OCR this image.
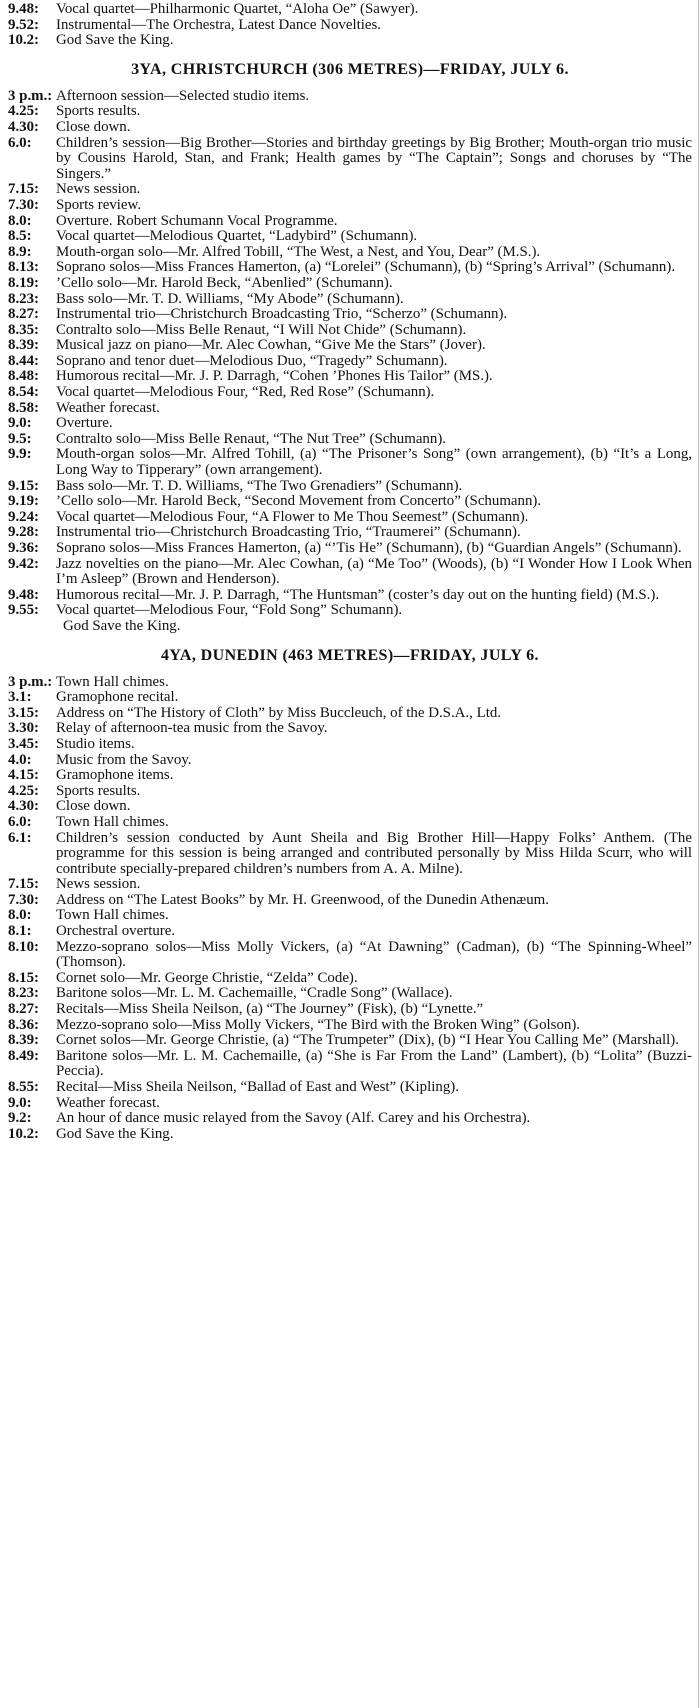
9.48:	Vocal quartet—Philharmonic Quartet, “Aloha Oe” (Sawyer).
9.52:	Instrumental—The Orchestra, Latest Dance Novelties.
10.2:	God Save the King.
3YA, CHRISTCHURCH (306 METRES)—FRIDAY, JULY 6.
3 p.m.: Afternoon session—Selected studio items.
4.25:	Sports results.
4.30:	Close down.
6.0:	Children’s session—Big Brother—Stories and birthday greetings by Big Brother; Mouth-organ trio music by Cousins Harold, Stan, and Frank; Health games by “The Captain”; Songs and choruses by “The Singers.”
7.15:	News session.
7.30:	Sports review.
8.0:	Overture. Robert Schumann Vocal Programme.
8.5:	Vocal quartet—Melodious Quartet, “Ladybird” (Schumann).
8.9:	Mouth-organ solo—Mr. Alfred Tobill, “The West, a Nest, and You, Dear” (M.S.).
8.13:	Soprano solos—Miss Frances Hamerton, (a) “Lorelei” (Schumann), (b) “Spring’s Arrival” (Schumann).
8.19:	’Cello solo—Mr. Harold Beck, “Abenlied” (Schumann).
8.23:	Bass solo—Mr. T. D. Williams, “My Abode” (Schumann).
8.27:	Instrumental trio—Christchurch Broadcasting Trio, “Scherzo” (Schumann).
8.35:	Contralto solo—Miss Belle Renaut, “I Will Not Chide” (Schumann).
8.39:	Musical jazz on piano—Mr. Alec Cowhan, “Give Me the Stars” (Jover).
8.44:	Soprano and tenor duet—Melodious Duo, “Tragedy” Schumann).
8.48:	Humorous recital—Mr. J. P. Darragh, “Cohen ’Phones His Tailor” (MS.).
8.54:	Vocal quartet—Melodious Four, “Red, Red Rose” (Schumann).
8.58:	Weather forecast.
9.0:	Overture.
9.5:	Contralto solo—Miss Belle Renaut, “The Nut Tree” (Schumann).
9.9:	Mouth-organ solos—Mr. Alfred Tohill, (a) “The Prisoner’s Song” (own arrangement), (b) “It’s a Long, Long Way to Tipperary” (own arrangement).
9.15:	Bass solo—Mr. T. D. Williams, “The Two Grenadiers” (Schumann).
9.19:	’Cello solo—Mr. Harold Beck, “Second Movement from Concerto” (Schumann).
9.24:	Vocal quartet—Melodious Four, “A Flower to Me Thou Seemest” (Schumann).
9.28:	Instrumental trio—Christchurch Broadcasting Trio, “Traumerei” (Schumann).
9.36:	Soprano solos—Miss Frances Hamerton, (a) “’Tis He” (Schumann), (b) “Guardian Angels” (Schumann).
9.42:	Jazz novelties on the piano—Mr. Alec Cowhan, (a) “Me Too” (Woods), (b) “I Wonder How I Look When I’m Asleep” (Brown and Henderson).
9.48:	Humorous recital—Mr. J. P. Darragh, “The Huntsman” (coster’s day out on the hunting field) (M.S.).
9.55:	Vocal quartet—Melodious Four, “Fold Song” Schumann).
God Save the King.
4YA, DUNEDIN (463 METRES)—FRIDAY, JULY 6.
3 p.m.: Town Hall chimes.
3.1:	Gramophone recital.
3.15:	Address on “The History of Cloth” by Miss Buccleuch, of the D.S.A., Ltd.
3.30:	Relay of afternoon-tea music from the Savoy.
3.45:	Studio items.
4.0:	Music from the Savoy.
4.15:	Gramophone items.
4.25:	Sports results.
4.30:	Close down.
6.0:	Town Hall chimes.
6.1:	Children’s session conducted by Aunt Sheila and Big Brother Hill—Happy Folks’ Anthem. (The programme for this session is being arranged and contributed personally by Miss Hilda Scurr, who will contribute specially-prepared children’s numbers from A. A. Milne).
7.15:	News session.
7.30:	Address on “The Latest Books” by Mr. H. Greenwood, of the Dunedin Athenæum.
8.0:	Town Hall chimes.
8.1:	Orchestral overture.
8.10:	Mezzo-soprano solos—Miss Molly Vickers, (a) “At Dawning” (Cadman), (b) “The Spinning-Wheel” (Thomson).
8.15:	Cornet solo—Mr. George Christie, “Zelda” Code).
8.23:	Baritone solos—Mr. L. M. Cachemaille, “Cradle Song” (Wallace).
8.27:	Recitals—Miss Sheila Neilson, (a) “The Journey” (Fisk), (b) “Lynette.”
8.36:	Mezzo-soprano solo—Miss Molly Vickers, “The Bird with the Broken Wing” (Golson).
8.39:	Cornet solos—Mr. George Christie, (a) “The Trumpeter” (Dix), (b) “I Hear You Calling Me” (Marshall).
8.49:	Baritone solos—Mr. L. M. Cachemaille, (a) “She is Far From the Land” (Lambert), (b) “Lolita” (Buzzi-Peccia).
8.55:	Recital—Miss Sheila Neilson, “Ballad of East and West” (Kipling).
9.0:	Weather forecast.
9.2:	An hour of dance music relayed from the Savoy (Alf. Carey and his Orchestra).
10.2:	God Save the King.
